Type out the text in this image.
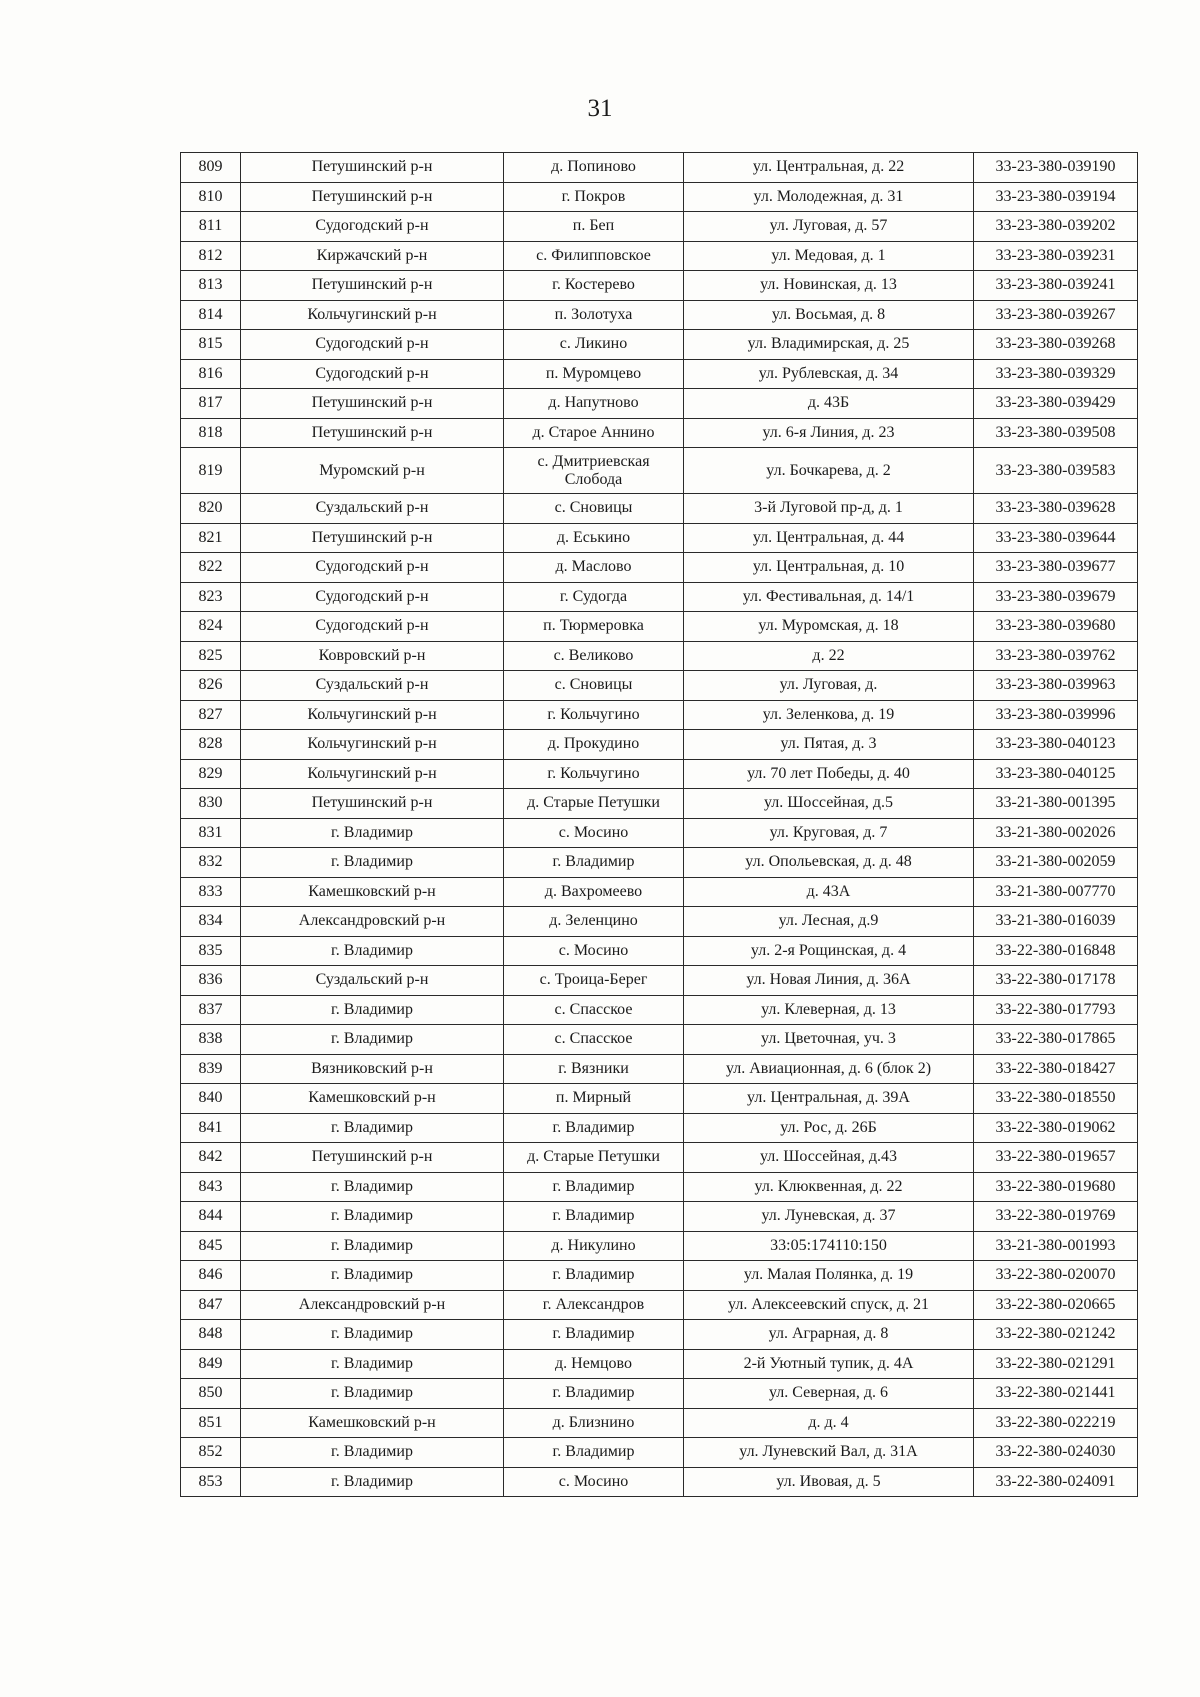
31
809	Петушинский р-н	д. Попиново	ул. Центральная, д. 22	33-23-380-039190
810	Петушинский р-н	г. Покров	ул. Молодежная, д. 31	33-23-380-039194
811	Судогодский р-н	п. Беп	ул. Луговая, д. 57	33-23-380-039202
812	Киржачский р-н	с. Филипповское	ул. Медовая, д. 1	33-23-380-039231
813	Петушинский р-н	г. Костерево	ул. Новинская, д. 13	33-23-380-039241
814	Кольчугинский р-н	п. Золотуха	ул. Восьмая, д. 8	33-23-380-039267
815	Судогодский р-н	с. Ликино	ул. Владимирская, д. 25	33-23-380-039268
816	Судогодский р-н	п. Муромцево	ул. Рублевская, д. 34	33-23-380-039329
817	Петушинский р-н	д. Напутново	д. 43Б	33-23-380-039429
818	Петушинский р-н	д. Старое Аннино	ул. 6-я Линия, д. 23	33-23-380-039508
819	Муромский р-н	с. Дмитриевская Слобода	ул. Бочкарева, д. 2	33-23-380-039583
820	Суздальский р-н	с. Сновицы	3-й Луговой пр-д, д. 1	33-23-380-039628
821	Петушинский р-н	д. Еськино	ул. Центральная, д. 44	33-23-380-039644
822	Судогодский р-н	д. Маслово	ул. Центральная, д. 10	33-23-380-039677
823	Судогодский р-н	г. Судогда	ул. Фестивальная, д. 14/1	33-23-380-039679
824	Судогодский р-н	п. Тюрмеровка	ул. Муромская, д. 18	33-23-380-039680
825	Ковровский р-н	с. Великово	д. 22	33-23-380-039762
826	Суздальский р-н	с. Сновицы	ул. Луговая, д.	33-23-380-039963
827	Кольчугинский р-н	г. Кольчугино	ул. Зеленкова, д. 19	33-23-380-039996
828	Кольчугинский р-н	д. Прокудино	ул. Пятая, д. 3	33-23-380-040123
829	Кольчугинский р-н	г. Кольчугино	ул. 70 лет Победы, д. 40	33-23-380-040125
830	Петушинский р-н	д. Старые Петушки	ул. Шоссейная, д.5	33-21-380-001395
831	г. Владимир	с. Мосино	ул. Круговая, д. 7	33-21-380-002026
832	г. Владимир	г. Владимир	ул. Опольевская, д. д. 48	33-21-380-002059
833	Камешковский р-н	д. Вахромеево	д. 43А	33-21-380-007770
834	Александровский р-н	д. Зеленцино	ул. Лесная, д.9	33-21-380-016039
835	г. Владимир	с. Мосино	ул. 2-я Рощинская, д. 4	33-22-380-016848
836	Суздальский р-н	с. Троица-Берег	ул. Новая Линия, д. 36А	33-22-380-017178
837	г. Владимир	с. Спасское	ул. Клеверная, д. 13	33-22-380-017793
838	г. Владимир	с. Спасское	ул. Цветочная, уч. 3	33-22-380-017865
839	Вязниковский р-н	г. Вязники	ул. Авиационная, д. 6 (блок 2)	33-22-380-018427
840	Камешковский р-н	п. Мирный	ул. Центральная, д. 39А	33-22-380-018550
841	г. Владимир	г. Владимир	ул. Рос, д. 26Б	33-22-380-019062
842	Петушинский р-н	д. Старые Петушки	ул. Шоссейная, д.43	33-22-380-019657
843	г. Владимир	г. Владимир	ул. Клюквенная, д. 22	33-22-380-019680
844	г. Владимир	г. Владимир	ул. Луневская, д. 37	33-22-380-019769
845	г. Владимир	д. Никулино	33:05:174110:150	33-21-380-001993
846	г. Владимир	г. Владимир	ул. Малая Полянка, д. 19	33-22-380-020070
847	Александровский р-н	г. Александров	ул. Алексеевский спуск, д. 21	33-22-380-020665
848	г. Владимир	г. Владимир	ул. Аграрная, д. 8	33-22-380-021242
849	г. Владимир	д. Немцово	2-й Уютный тупик, д. 4А	33-22-380-021291
850	г. Владимир	г. Владимир	ул. Северная, д. 6	33-22-380-021441
851	Камешковский р-н	д. Близнино	д. д. 4	33-22-380-022219
852	г. Владимир	г. Владимир	ул. Луневский Вал, д. 31А	33-22-380-024030
853	г. Владимир	с. Мосино	ул. Ивовая, д. 5	33-22-380-024091
